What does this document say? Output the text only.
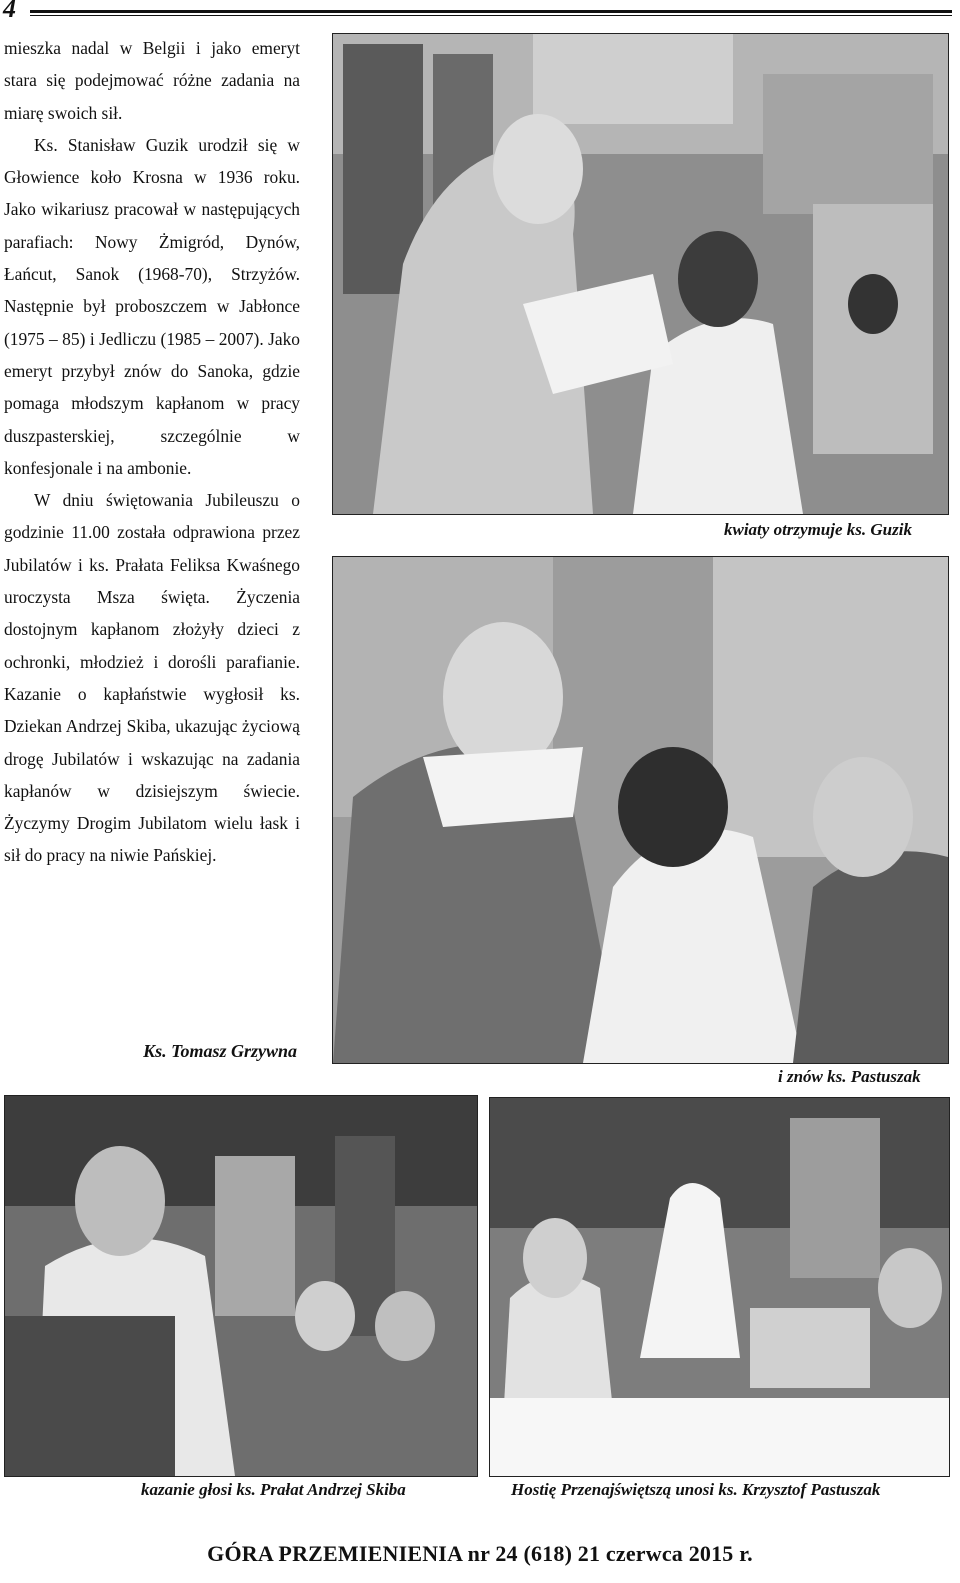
4

mieszka nadal w Belgii i jako emeryt stara się podejmować różne zadania na miarę swoich sił.

Ks. Stanisław Guzik urodził się w Głowience koło Krosna w 1936 roku. Jako wikariusz pracował w następujących parafiach: Nowy Żmigród, Dynów, Łańcut, Sanok (1968-70), Strzyżów. Następnie był proboszczem w Jabłonce (1975 – 85) i Jedliczu (1985 – 2007). Jako emeryt przybył znów do Sanoka, gdzie pomaga młodszym kapłanom w pracy duszpasterskiej, szczególnie w konfesjonale i na ambonie.

W dniu świętowania Jubileuszu o godzinie 11.00 została odprawiona przez Jubilatów i ks. Prałata Feliksa Kwaśnego uroczysta Msza święta. Życzenia dostojnym kapłanom złożyły dzieci z ochronki, młodzież i dorośli parafianie. Kazanie o kapłaństwie wygłosił ks. Dziekan Andrzej Skiba, ukazując życiową drogę Jubilatów i wskazując na zadania kapłanów w dzisiejszym świecie. Życzymy Drogim Jubilatom wielu łask i sił do pracy na niwie Pańskiej.

Ks. Tomasz Grzywna
kwiaty otrzymuje ks. Guzik
i znów ks. Pastuszak
kazanie głosi ks. Prałat Andrzej Skiba	Hostię Przenajświętszą unosi ks. Krzysztof Pastuszak
GÓRA PRZEMIENIENIA nr 24 (618) 21 czerwca 2015 r.
